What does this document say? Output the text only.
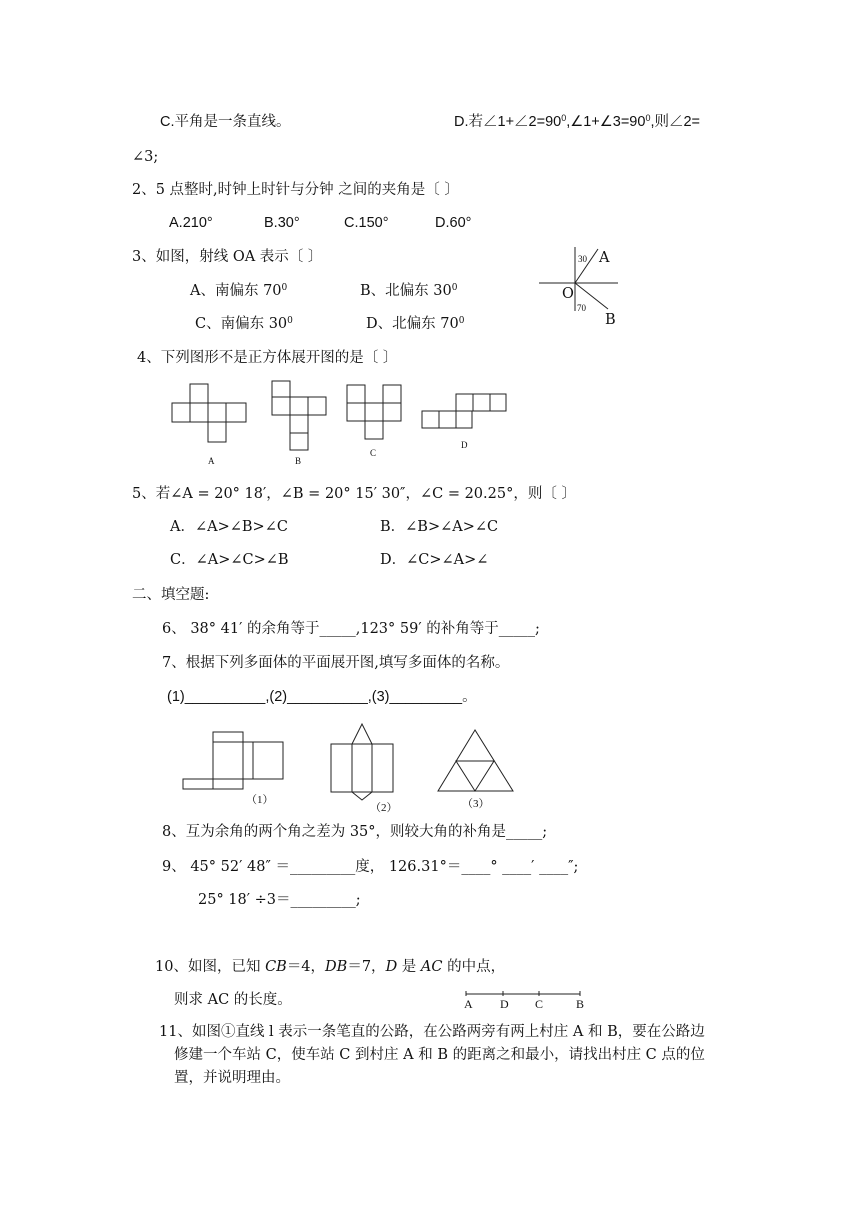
C.平角是一条直线。	D.若$\angle 1+\angle 2=90^0,\angle 1+\angle 3=90^0$,则∠2=
∠3;
2、5 点整时,时钟上时针与分钟 之间的夹角是〔 〕
A.210°	B.30°	C.150°	D.60°
3、如图，射线 OA 表示〔 〕
A、南偏东 $70^0$	B、北偏东 $30^0$
C、南偏东 $30^0$	D、北偏东 $70^0$
30 A
O
70
B
4、下列图形不是正方体展开图的是〔 〕
A	B
C
D
5、若∠A = 20° 18′，∠B = 20° 15′ 30″，∠C = 20.25°，则〔 〕
A．∠A>∠B>∠C	B．∠B>∠A>∠C
C．∠A>∠C>∠B	D．∠C>∠A>∠
二、填空题:
6、 38° 41′ 的余角等于_____,123° 59′ 的补角等于_____;
7、根据下列多面体的平面展开图,填写多面体的名称。
(1)__________,(2)__________,(3)_________。
（1）
（2）	（3）
8、互为余角的两个角之差为 35°，则较大角的补角是_____;
9、 45° 52′ 48″ ＝_________度， 126.31°＝____° ____′ ____″;
25° 18′ ÷3＝_________;
10、如图，已知 CB＝4，DB＝7，D 是 AC 的中点，
则求 AC 的长度。	A D C	B
11、如图①直线 l 表示一条笔直的公路，在公路两旁有两上村庄 A 和 B，要在公路边
修建一个车站 C，使车站 C 到村庄 A 和 B 的距离之和最小，请找出村庄 C 点的位
置，并说明理由。
